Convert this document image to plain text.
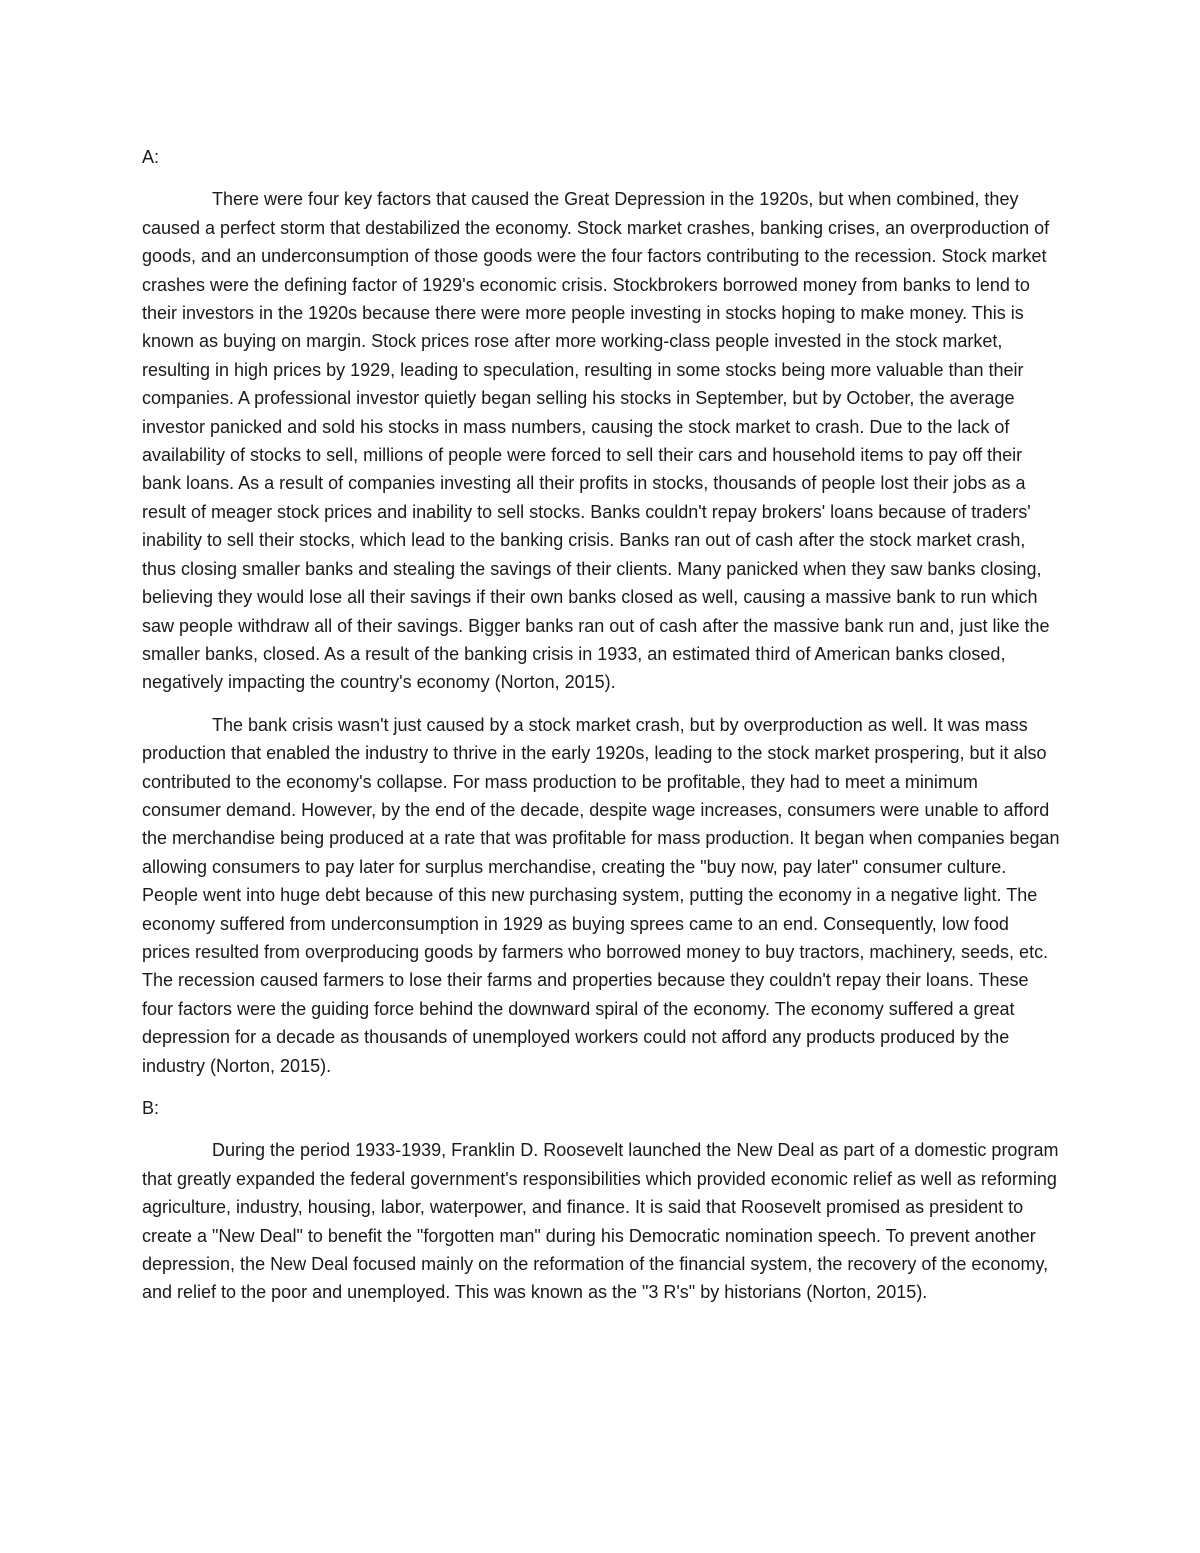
A:

There were four key factors that caused the Great Depression in the 1920s, but when combined, they caused a perfect storm that destabilized the economy. Stock market crashes, banking crises, an overproduction of goods, and an underconsumption of those goods were the four factors contributing to the recession. Stock market crashes were the defining factor of 1929's economic crisis. Stockbrokers borrowed money from banks to lend to their investors in the 1920s because there were more people investing in stocks hoping to make money. This is known as buying on margin. Stock prices rose after more working-class people invested in the stock market, resulting in high prices by 1929, leading to speculation, resulting in some stocks being more valuable than their companies. A professional investor quietly began selling his stocks in September, but by October, the average investor panicked and sold his stocks in mass numbers, causing the stock market to crash. Due to the lack of availability of stocks to sell, millions of people were forced to sell their cars and household items to pay off their bank loans. As a result of companies investing all their profits in stocks, thousands of people lost their jobs as a result of meager stock prices and inability to sell stocks. Banks couldn't repay brokers' loans because of traders' inability to sell their stocks, which lead to the banking crisis. Banks ran out of cash after the stock market crash, thus closing smaller banks and stealing the savings of their clients. Many panicked when they saw banks closing, believing they would lose all their savings if their own banks closed as well, causing a massive bank to run which saw people withdraw all of their savings. Bigger banks ran out of cash after the massive bank run and, just like the smaller banks, closed. As a result of the banking crisis in 1933, an estimated third of American banks closed, negatively impacting the country's economy (Norton, 2015).

The bank crisis wasn't just caused by a stock market crash, but by overproduction as well. It was mass production that enabled the industry to thrive in the early 1920s, leading to the stock market prospering, but it also contributed to the economy's collapse. For mass production to be profitable, they had to meet a minimum consumer demand. However, by the end of the decade, despite wage increases, consumers were unable to afford the merchandise being produced at a rate that was profitable for mass production. It began when companies began allowing consumers to pay later for surplus merchandise, creating the "buy now, pay later" consumer culture. People went into huge debt because of this new purchasing system, putting the economy in a negative light. The economy suffered from underconsumption in 1929 as buying sprees came to an end. Consequently, low food prices resulted from overproducing goods by farmers who borrowed money to buy tractors, machinery, seeds, etc. The recession caused farmers to lose their farms and properties because they couldn't repay their loans. These four factors were the guiding force behind the downward spiral of the economy. The economy suffered a great depression for a decade as thousands of unemployed workers could not afford any products produced by the industry (Norton, 2015).

B:

During the period 1933-1939, Franklin D. Roosevelt launched the New Deal as part of a domestic program that greatly expanded the federal government's responsibilities which provided economic relief as well as reforming agriculture, industry, housing, labor, waterpower, and finance. It is said that Roosevelt promised as president to create a "New Deal" to benefit the "forgotten man" during his Democratic nomination speech. To prevent another depression, the New Deal focused mainly on the reformation of the financial system, the recovery of the economy, and relief to the poor and unemployed. This was known as the "3 R's" by historians (Norton, 2015).
